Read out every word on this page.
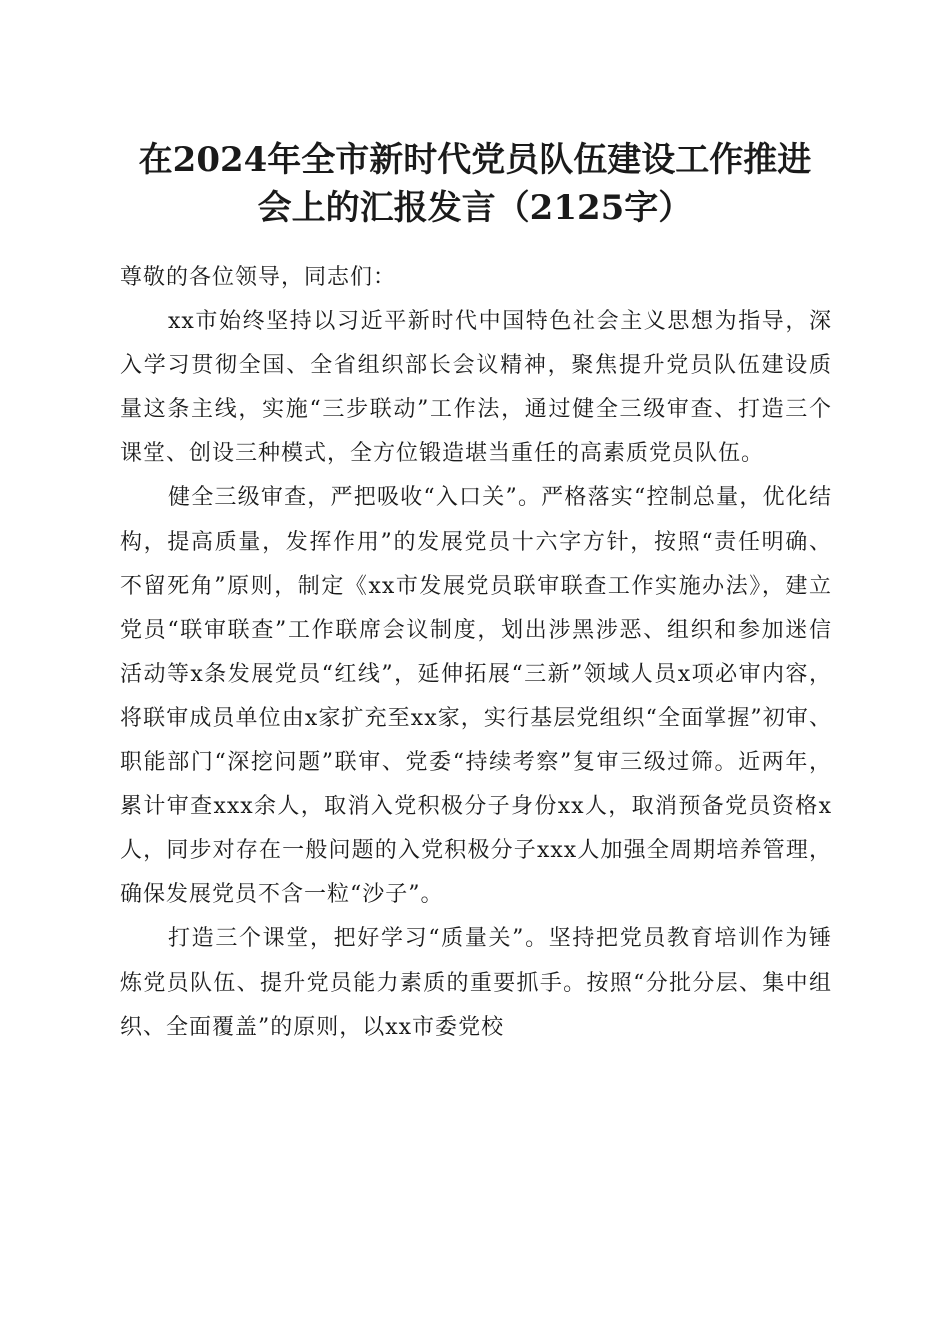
在2024年全市新时代党员队伍建设工作推进
会上的汇报发言（2125字）

尊敬的各位领导，同志们：

xx市始终坚持以习近平新时代中国特色社会主义思想为指导，深入学习贯彻全国、全省组织部长会议精神，聚焦提升党员队伍建设质量这条主线，实施“三步联动”工作法，通过健全三级审查、打造三个课堂、创设三种模式，全方位锻造堪当重任的高素质党员队伍。

健全三级审查，严把吸收“入口关”。严格落实“控制总量，优化结构，提高质量，发挥作用”的发展党员十六字方针，按照“责任明确、不留死角”原则，制定《xx市发展党员联审联查工作实施办法》，建立党员“联审联查”工作联席会议制度，划出涉黑涉恶、组织和参加迷信活动等x条发展党员“红线”，延伸拓展“三新”领域人员x项必审内容，将联审成员单位由x家扩充至xx家，实行基层党组织“全面掌握”初审、职能部门“深挖问题”联审、党委“持续考察”复审三级过筛。近两年，累计审查xxx余人，取消入党积极分子身份xx人，取消预备党员资格x人，同步对存在一般问题的入党积极分子xxx人加强全周期培养管理，确保发展党员不含一粒“沙子”。

打造三个课堂，把好学习“质量关”。坚持把党员教育培训作为锤炼党员队伍、提升党员能力素质的重要抓手。按照“分批分层、集中组织、全面覆盖”的原则，以xx市委党校
